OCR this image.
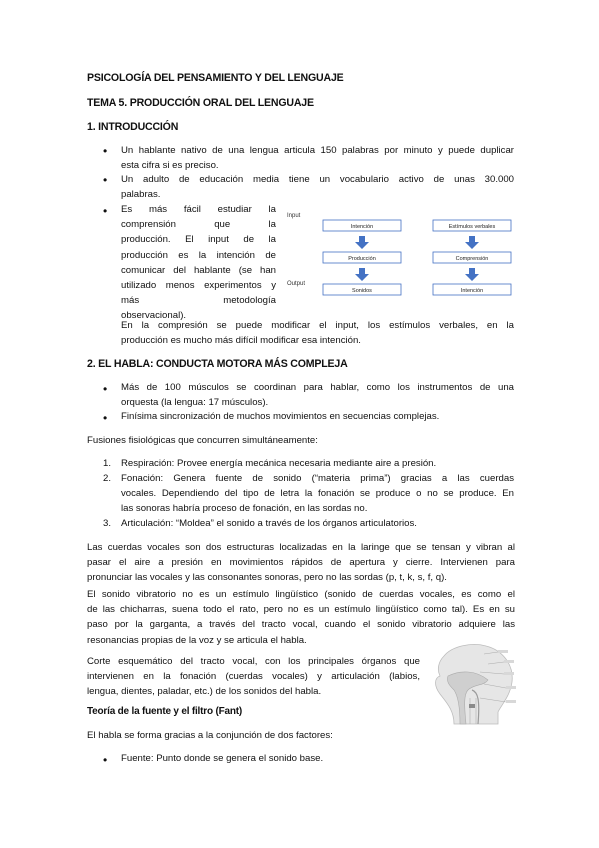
PSICOLOGÍA DEL PENSAMIENTO Y DEL LENGUAJE
TEMA 5. PRODUCCIÓN ORAL DEL LENGUAJE
1. INTRODUCCIÓN
• Un hablante nativo de una lengua articula 150 palabras por minuto y puede duplicar
esta cifra si es preciso.
• Un adulto de educación media tiene un vocabulario activo de unas 30.000
palabras.
• Es más fácil estudiar la
comprensión que la
producción. El input de la
producción es la intención de
comunicar del hablante (se han
utilizado menos experimentos y
más metodología
observacional).
Input
Output
Intención
Producción
Sonidos
Estímulos verbales
Comprensión
Intención
En la compresión se puede modificar el input, los estímulos verbales, en la
producción es mucho más difícil modificar esa intención.
2. EL HABLA: CONDUCTA MOTORA MÁS COMPLEJA
• Más de 100 músculos se coordinan para hablar, como los instrumentos de una
orquesta (la lengua: 17 músculos).
• Finísima sincronización de muchos movimientos en secuencias complejas.
Fusiones fisiológicas que concurren simultáneamente:
1. Respiración: Provee energía mecánica necesaria mediante aire a presión.
2. Fonación: Genera fuente de sonido (“materia prima”) gracias a las cuerdas
vocales. Dependiendo del tipo de letra la fonación se produce o no se produce. En
las sonoras habría proceso de fonación, en las sordas no.
3. Articulación: “Moldea” el sonido a través de los órganos articulatorios.
Las cuerdas vocales son dos estructuras localizadas en la laringe que se tensan y vibran al
pasar el aire a presión en movimientos rápidos de apertura y cierre. Intervienen para
pronunciar las vocales y las consonantes sonoras, pero no las sordas (p, t, k, s, f, q).
El sonido vibratorio no es un estímulo lingüístico (sonido de cuerdas vocales, es como el
de las chicharras, suena todo el rato, pero no es un estímulo lingüístico como tal). Es en su
paso por la garganta, a través del tracto vocal, cuando el sonido vibratorio adquiere las
resonancias propias de la voz y se articula el habla.
Corte esquemático del tracto vocal, con los principales órganos que
intervienen en la fonación (cuerdas vocales) y articulación (labios,
lengua, dientes, paladar, etc.) de los sonidos del habla.
Teoría de la fuente y el filtro (Fant)
El habla se forma gracias a la conjunción de dos factores:
• Fuente: Punto donde se genera el sonido base.
